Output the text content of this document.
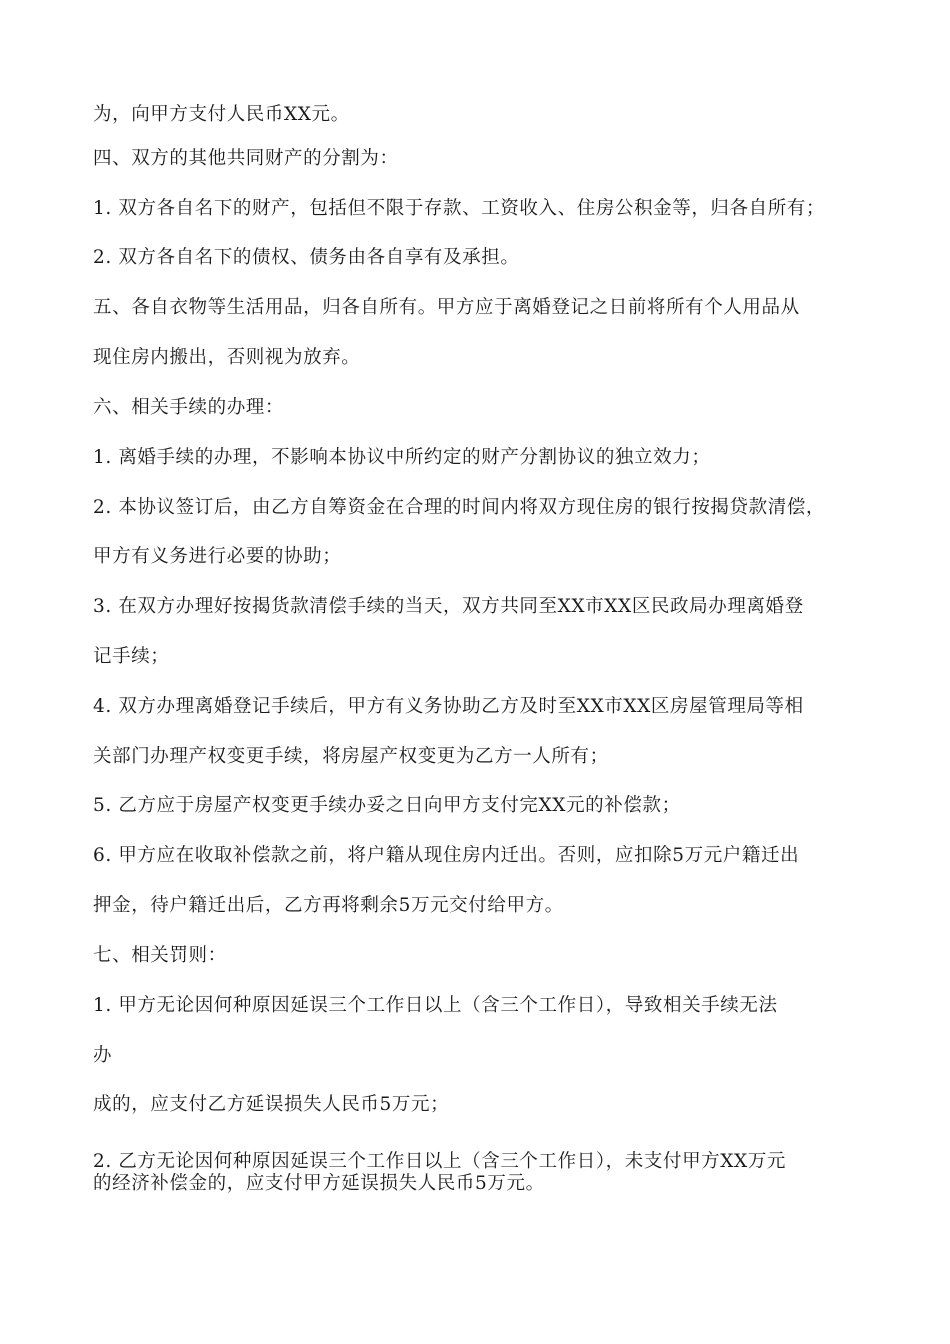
为，向甲方支付人民币XX元。
四、双方的其他共同财产的分割为：
1. 双方各自名下的财产，包括但不限于存款、工资收入、住房公积金等，归各自所有；
2. 双方各自名下的债权、债务由各自享有及承担。
五、各自衣物等生活用品，归各自所有。甲方应于离婚登记之日前将所有个人用品从
现住房内搬出，否则视为放弃。
六、相关手续的办理：
1. 离婚手续的办理，不影响本协议中所约定的财产分割协议的独立效力；
2. 本协议签订后，由乙方自筹资金在合理的时间内将双方现住房的银行按揭贷款清偿，
甲方有义务进行必要的协助；
3. 在双方办理好按揭货款清偿手续的当天，双方共同至XX市XX区民政局办理离婚登
记手续；
4. 双方办理离婚登记手续后，甲方有义务协助乙方及时至XX市XX区房屋管理局等相
关部门办理产权变更手续，将房屋产权变更为乙方一人所有；
5. 乙方应于房屋产权变更手续办妥之日向甲方支付完XX元的补偿款；
6. 甲方应在收取补偿款之前，将户籍从现住房内迁出。否则，应扣除5万元户籍迁出
押金，待户籍迁出后，乙方再将剩余5万元交付给甲方。
七、相关罚则：
1. 甲方无论因何种原因延误三个工作日以上（含三个工作日），导致相关手续无法
办
成的，应支付乙方延误损失人民币5万元；
2. 乙方无论因何种原因延误三个工作日以上（含三个工作日），未支付甲方XX万元
的经济补偿金的，应支付甲方延误损失人民币5万元。
